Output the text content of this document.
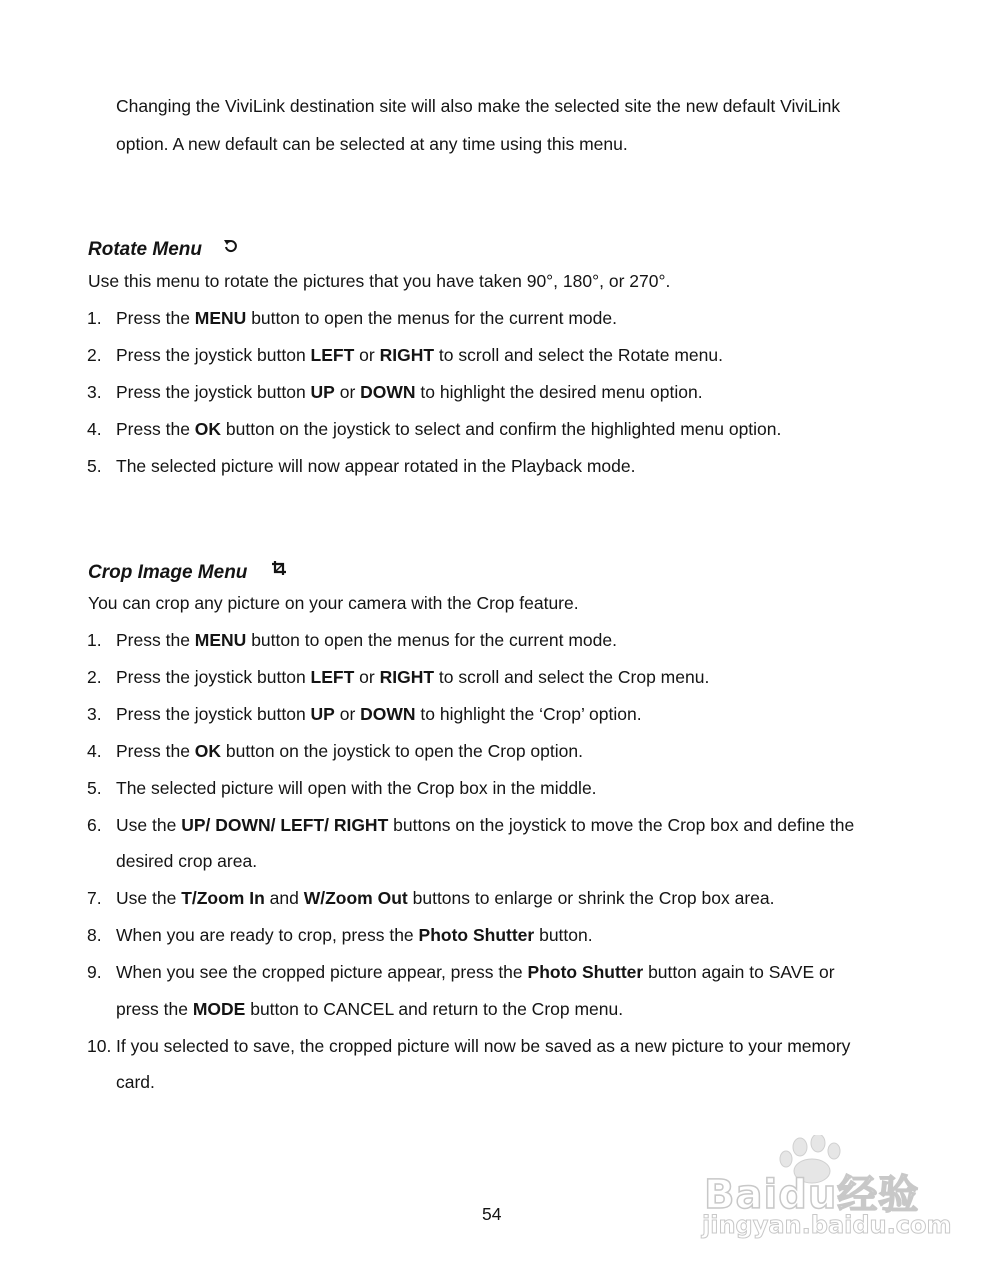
Changing the ViviLink destination site will also make the selected site the new default ViviLink
option. A new default can be selected at any time using this menu.
Rotate Menu
Use this menu to rotate the pictures that you have taken 90°, 180°, or 270°.
1. Press the MENU button to open the menus for the current mode.
2. Press the joystick button LEFT or RIGHT to scroll and select the Rotate menu.
3. Press the joystick button UP or DOWN to highlight the desired menu option.
4. Press the OK button on the joystick to select and confirm the highlighted menu option.
5. The selected picture will now appear rotated in the Playback mode.
Crop Image Menu
You can crop any picture on your camera with the Crop feature.
1. Press the MENU button to open the menus for the current mode.
2. Press the joystick button LEFT or RIGHT to scroll and select the Crop menu.
3. Press the joystick button UP or DOWN to highlight the ‘Crop’ option.
4. Press the OK button on the joystick to open the Crop option.
5. The selected picture will open with the Crop box in the middle.
6. Use the UP/ DOWN/ LEFT/ RIGHT buttons on the joystick to move the Crop box and define the
desired crop area.
7. Use the T/Zoom In and W/Zoom Out buttons to enlarge or shrink the Crop box area.
8. When you are ready to crop, press the Photo Shutter button.
9. When you see the cropped picture appear, press the Photo Shutter button again to SAVE or
press the MODE button to CANCEL and return to the Crop menu.
10. If you selected to save, the cropped picture will now be saved as a new picture to your memory
card.
Baidu经验
jingyan.baidu.com
54
